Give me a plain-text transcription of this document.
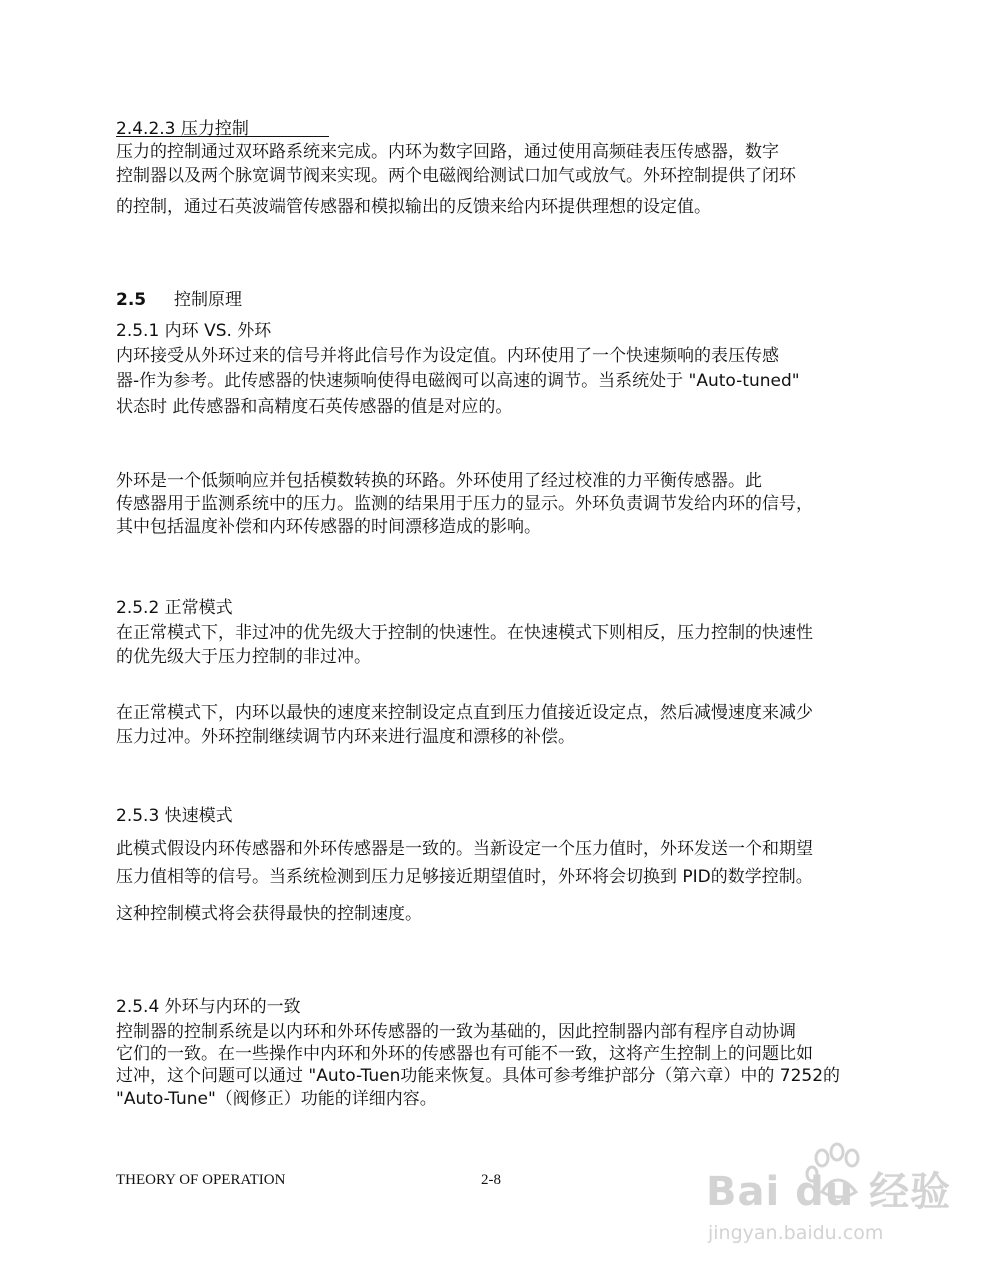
2.4.2.3 压力控制
压力的控制通过双环路系统来完成。内环为数字回路，通过使用高频硅表压传感器，数字
控制器以及两个脉宽调节阀来实现。两个电磁阀给测试口加气或放气。外环控制提供了闭环
的控制，通过石英波端管传感器和模拟输出的反馈来给内环提供理想的设定值。
2.5 控制原理
2.5.1 内环 VS. 外环
内环接受从外环过来的信号并将此信号作为设定值。内环使用了一个快速频响的表压传感
器-作为参考。此传感器的快速频响使得电磁阀可以高速的调节。当系统处于 "Auto-tuned"
状态时 此传感器和高精度石英传感器的值是对应的。
外环是一个低频响应并包括模数转换的环路。外环使用了经过校准的力平衡传感器。此
传感器用于监测系统中的压力。监测的结果用于压力的显示。外环负责调节发给内环的信号，
其中包括温度补偿和内环传感器的时间漂移造成的影响。
2.5.2 正常模式
在正常模式下，非过冲的优先级大于控制的快速性。在快速模式下则相反，压力控制的快速性
的优先级大于压力控制的非过冲。
在正常模式下，内环以最快的速度来控制设定点直到压力值接近设定点，然后减慢速度来减少
压力过冲。外环控制继续调节内环来进行温度和漂移的补偿。
2.5.3 快速模式
此模式假设内环传感器和外环传感器是一致的。当新设定一个压力值时，外环发送一个和期望
压力值相等的信号。当系统检测到压力足够接近期望值时，外环将会切换到 PID的数学控制。
这种控制模式将会获得最快的控制速度。
2.5.4 外环与内环的一致
控制器的控制系统是以内环和外环传感器的一致为基础的，因此控制器内部有程序自动协调
它们的一致。在一些操作中内环和外环的传感器也有可能不一致，这将产生控制上的问题比如
过冲，这个问题可以通过 "Auto-Tuen功能来恢复。具体可参考维护部分（第六章）中的 7252的
"Auto-Tune"（阀修正）功能的详细内容。
THEORY OF OPERATION	2-8	Bai du 经验
jingyan.baidu.com
